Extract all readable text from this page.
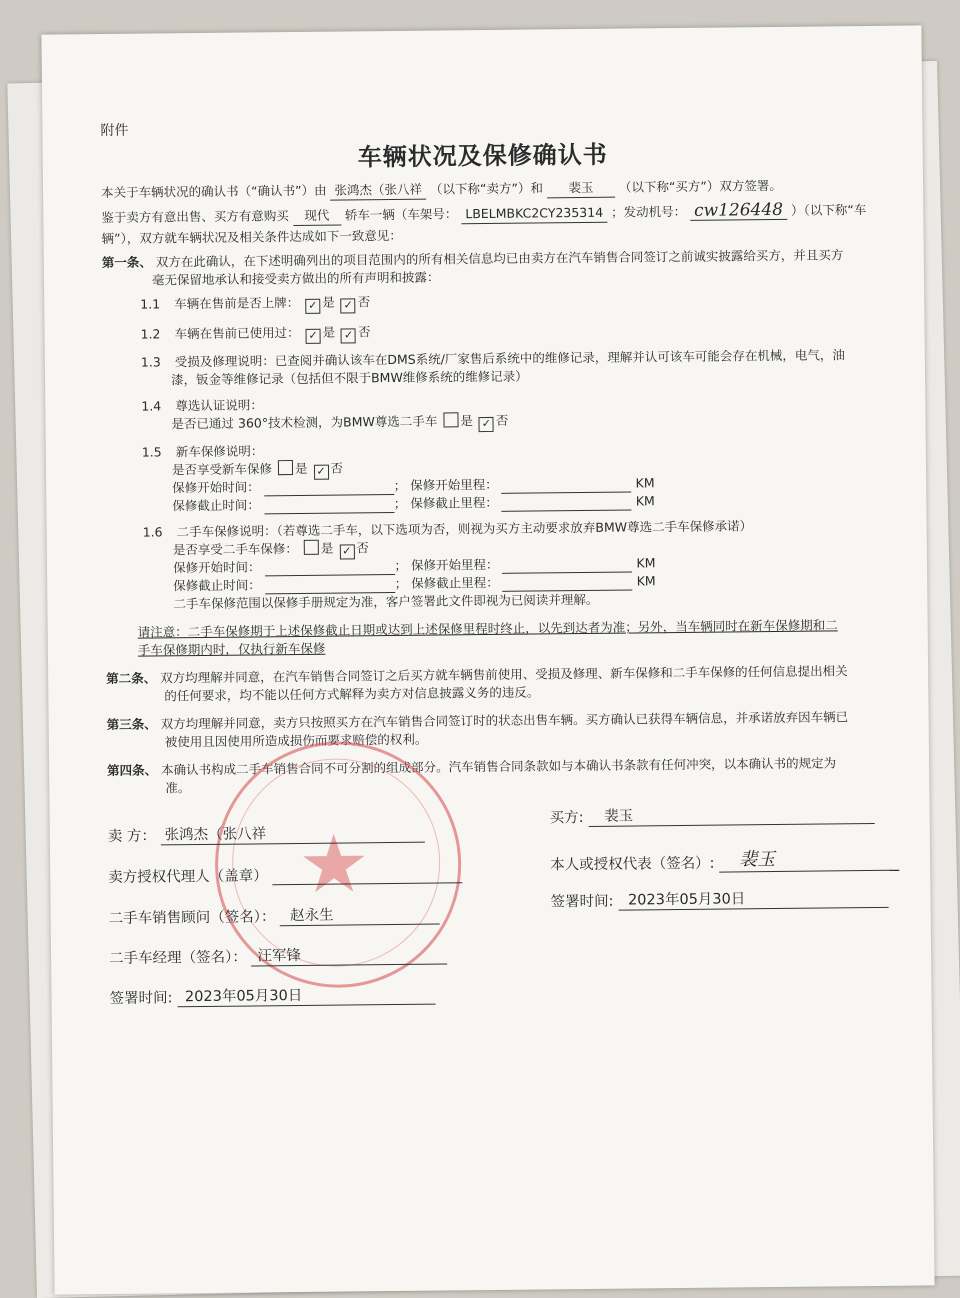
附件
车辆状况及保修确认书
本关于车辆状况的确认书（“确认书”）由 张鸿杰（张八祥 （以下称“卖方”）和 裴玉 （以下称“买方”）双方签署。
鉴于卖方有意出售、买方有意购买 现代 轿车一辆（车架号： LBELMBKC2CY235314 ；发动机号： cw126448 ）（以下称“车
辆”），双方就车辆状况及相关条件达成如下一致意见：
第一条、 双方在此确认，在下述明确列出的项目范围内的所有相关信息均已由卖方在汽车销售合同签订之前诚实披露给买方，并且买方
毫无保留地承认和接受卖方做出的所有声明和披露：
1.1 车辆在售前是否上牌： ✓ 是 ✓ 否
1.2 车辆在售前已使用过： ✓ 是 ✓ 否
1.3 受损及修理说明：已查阅并确认该车在DMS系统/厂家售后系统中的维修记录，理解并认可该车可能会存在机械，电气，油
漆，钣金等维修记录（包括但不限于BMW维修系统的维修记录）
1.4 尊选认证说明：
是否已通过 360°技术检测，为BMW尊选二手车 是 ✓ 否
1.5 新车保修说明：
是否享受新车保修 是 ✓ 否
保修开始时间：	； 保修开始里程：	KM
保修截止时间：	； 保修截止里程：	KM
1.6 二手车保修说明：（若尊选二手车，以下选项为否，则视为买方主动要求放弃BMW尊选二手车保修承诺）
是否享受二手车保修： 是 ✓ 否
保修开始时间：	； 保修开始里程：	KM
保修截止时间：	； 保修截止里程：	KM
二手车保修范围以保修手册规定为准，客户签署此文件即视为已阅读并理解。
请注意：二手车保修期于上述保修截止日期或达到上述保修里程时终止，以先到达者为准；另外，当车辆同时在新车保修期和二
手车保修期内时，仅执行新车保修
第二条、 双方均理解并同意，在汽车销售合同签订之后买方就车辆售前使用、受损及修理、新车保修和二手车保修的任何信息提出相关
的任何要求，均不能以任何方式解释为卖方对信息披露义务的违反。
第三条、 双方均理解并同意，卖方只按照买方在汽车销售合同签订时的状态出售车辆。买方确认已获得车辆信息，并承诺放弃因车辆已
被使用且因使用所造成损伤而要求赔偿的权利。
第四条、 本确认书构成二手车销售合同不可分割的组成部分。汽车销售合同条款如与本确认书条款有任何冲突，以本确认书的规定为
准。
★
卖 方： 张鸿杰（张八祥
卖方授权代理人（盖章）
二手车销售顾问（签名）： 赵永生
二手车经理（签名）： 汪军锋
签署时间: 2023年05月30日
买方: 裴玉
本人或授权代表（签名）: 裴玉
签署时间: 2023年05月30日
